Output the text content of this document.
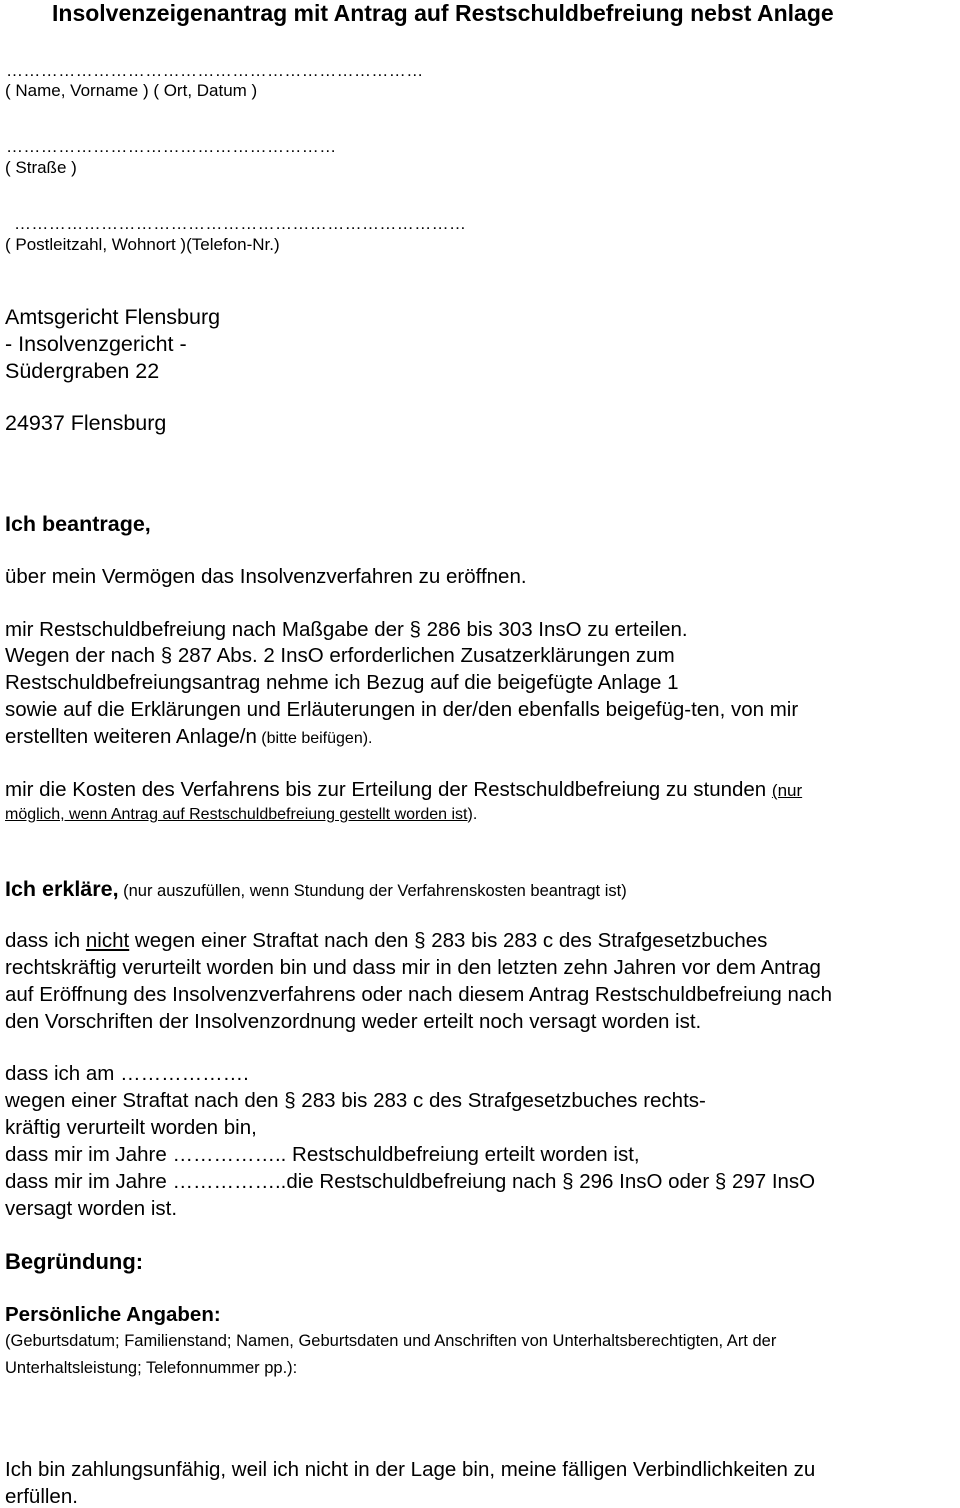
Insolvenzeigenantrag mit Antrag auf Restschuldbefreiung nebst Anlage
………………………………………………………………
( Name, Vorname ) ( Ort, Datum )
…………………………………………………
( Straße )
……………………………………………………………………
( Postleitzahl, Wohnort )(Telefon-Nr.)
Amtsgericht Flensburg
- Insolvenzgericht -
Südergraben 22
24937 Flensburg
Ich beantrage,
über mein Vermögen das Insolvenzverfahren zu eröffnen.
mir Restschuldbefreiung nach Maßgabe der § 286 bis 303 InsO zu erteilen.
Wegen der nach § 287 Abs. 2 InsO erforderlichen Zusatzerklärungen zum
Restschuldbefreiungsantrag nehme ich Bezug auf die beigefügte Anlage 1
sowie auf die Erklärungen und Erläuterungen in der/den ebenfalls beigefüg-ten, von mir
erstellten weiteren Anlage/n (bitte beifügen).
mir die Kosten des Verfahrens bis zur Erteilung der Restschuldbefreiung zu stunden (nur
möglich, wenn Antrag auf Restschuldbefreiung gestellt worden ist).
Ich erkläre, (nur auszufüllen, wenn Stundung der Verfahrenskosten beantragt ist)
dass ich nicht wegen einer Straftat nach den § 283 bis 283 c des Strafgesetzbuches
rechtskräftig verurteilt worden bin und dass mir in den letzten zehn Jahren vor dem Antrag
auf Eröffnung des Insolvenzverfahrens oder nach diesem Antrag Restschuldbefreiung nach
den Vorschriften der Insolvenzordnung weder erteilt noch versagt worden ist.
dass ich am ……………….
wegen einer Straftat nach den § 283 bis 283 c des Strafgesetzbuches rechts-
kräftig verurteilt worden bin,
dass mir im Jahre …………….. Restschuldbefreiung erteilt worden ist,
dass mir im Jahre ……………..die Restschuldbefreiung nach § 296 InsO oder § 297 InsO
versagt worden ist.
Begründung:
Persönliche Angaben:
(Geburtsdatum; Familienstand; Namen, Geburtsdaten und Anschriften von Unterhaltsberechtigten, Art der
Unterhaltsleistung; Telefonnummer pp.):
Ich bin zahlungsunfähig, weil ich nicht in der Lage bin, meine fälligen Verbindlichkeiten zu
erfüllen.
